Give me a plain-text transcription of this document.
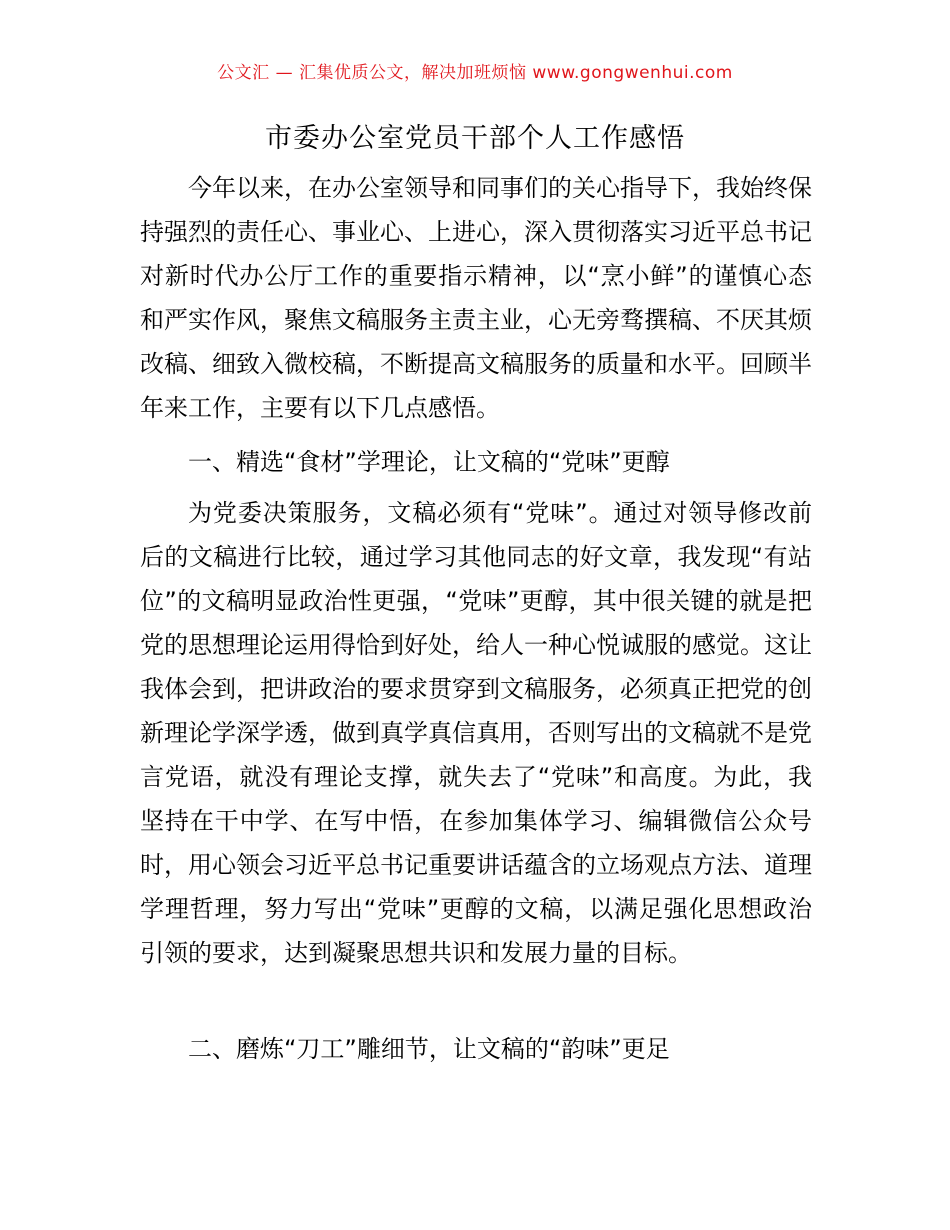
公文汇 — 汇集优质公文，解决加班烦恼 www.gongwenhui.com
市委办公室党员干部个人工作感悟

今年以来，在办公室领导和同事们的关心指导下，我始终保持强烈的责任心、事业心、上进心，深入贯彻落实习近平总书记对新时代办公厅工作的重要指示精神，以“烹小鲜”的谨慎心态和严实作风，聚焦文稿服务主责主业，心无旁骛撰稿、不厌其烦改稿、细致入微校稿，不断提高文稿服务的质量和水平。回顾半年来工作，主要有以下几点感悟。

一、精选“食材”学理论，让文稿的“党味”更醇

为党委决策服务，文稿必须有“党味”。通过对领导修改前后的文稿进行比较，通过学习其他同志的好文章，我发现“有站位”的文稿明显政治性更强，“党味”更醇，其中很关键的就是把党的思想理论运用得恰到好处，给人一种心悦诚服的感觉。这让我体会到，把讲政治的要求贯穿到文稿服务，必须真正把党的创新理论学深学透，做到真学真信真用，否则写出的文稿就不是党言党语，就没有理论支撑，就失去了“党味”和高度。为此，我坚持在干中学、在写中悟，在参加集体学习、编辑微信公众号时，用心领会习近平总书记重要讲话蕴含的立场观点方法、道理学理哲理，努力写出“党味”更醇的文稿，以满足强化思想政治引领的要求，达到凝聚思想共识和发展力量的目标。

二、磨炼“刀工”雕细节，让文稿的“韵味”更足
